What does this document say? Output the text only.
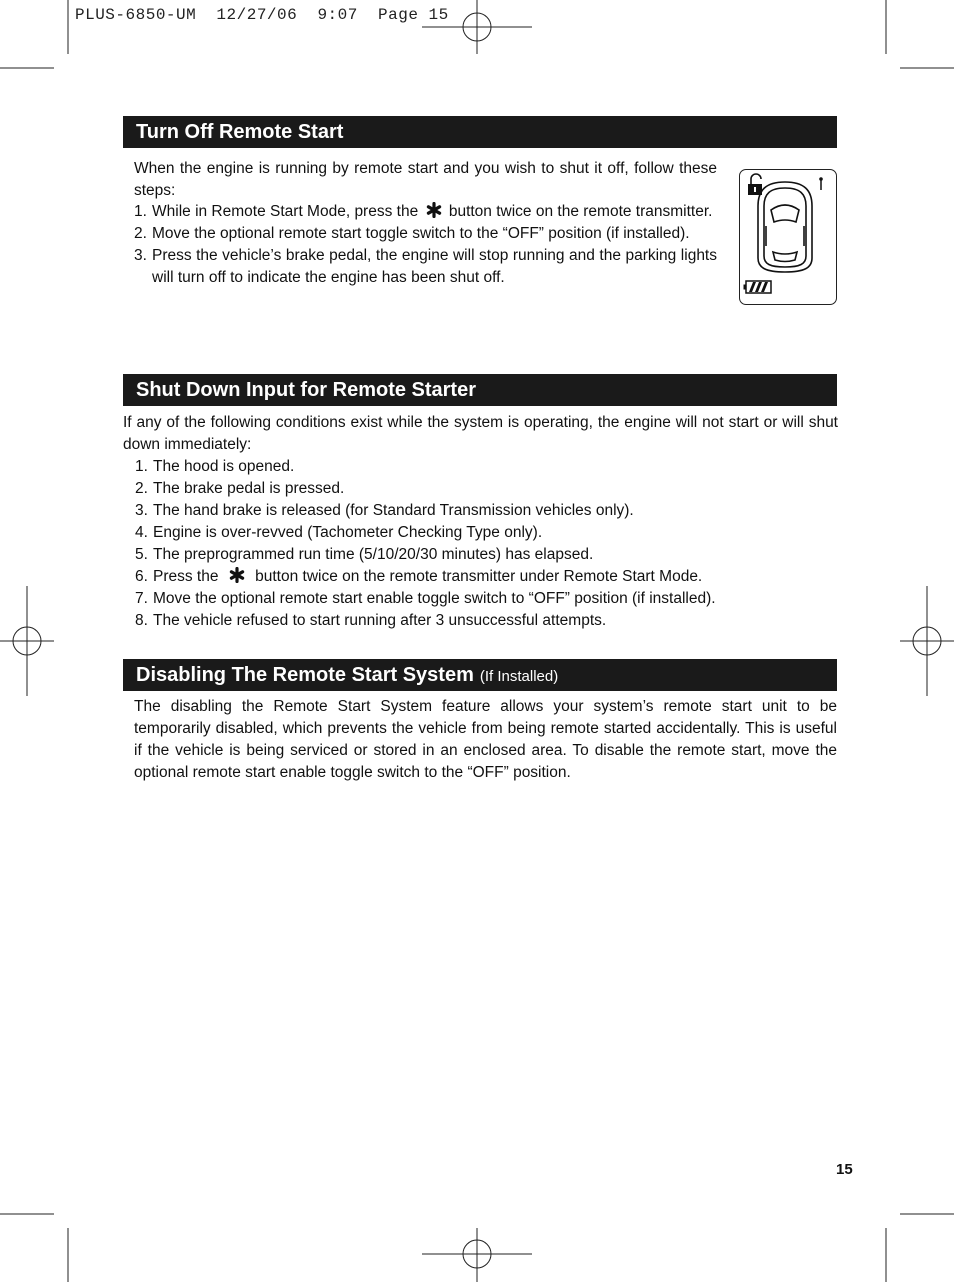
PLUS-6850-UM  12/27/06  9:07  Page 15
Turn Off Remote Start
When the engine is running by remote start and you wish to shut it off, follow these steps:
1. While in Remote Start Mode, press the button twice on the remote transmitter.
2. Move the optional remote start toggle switch to the “OFF” position (if installed).
3. Press the vehicle’s brake pedal, the engine will stop running and the parking lights will turn off to indicate the engine has been shut off.
Shut Down Input for Remote Starter
If any of the following conditions exist while the system is operating, the engine will not start or will shut down immediately:
1. The hood is opened.
2. The brake pedal is pressed.
3. The hand brake is released (for Standard Transmission vehicles only).
4. Engine is over-revved (Tachometer Checking Type only).
5. The preprogrammed run time (5/10/20/30 minutes) has elapsed.
6. Press the button twice on the remote transmitter under Remote Start Mode.
7. Move the optional remote start enable toggle switch to “OFF” position (if installed).
8. The vehicle refused to start running after 3 unsuccessful attempts.
Disabling The Remote Start System (If Installed)
The disabling the Remote Start System feature allows your system’s remote start unit to be temporarily disabled, which prevents the vehicle from being remote started accidentally. This is useful if the vehicle is being serviced or stored in an enclosed area. To disable the remote start, move the optional remote start enable toggle switch to the “OFF” position.
15
